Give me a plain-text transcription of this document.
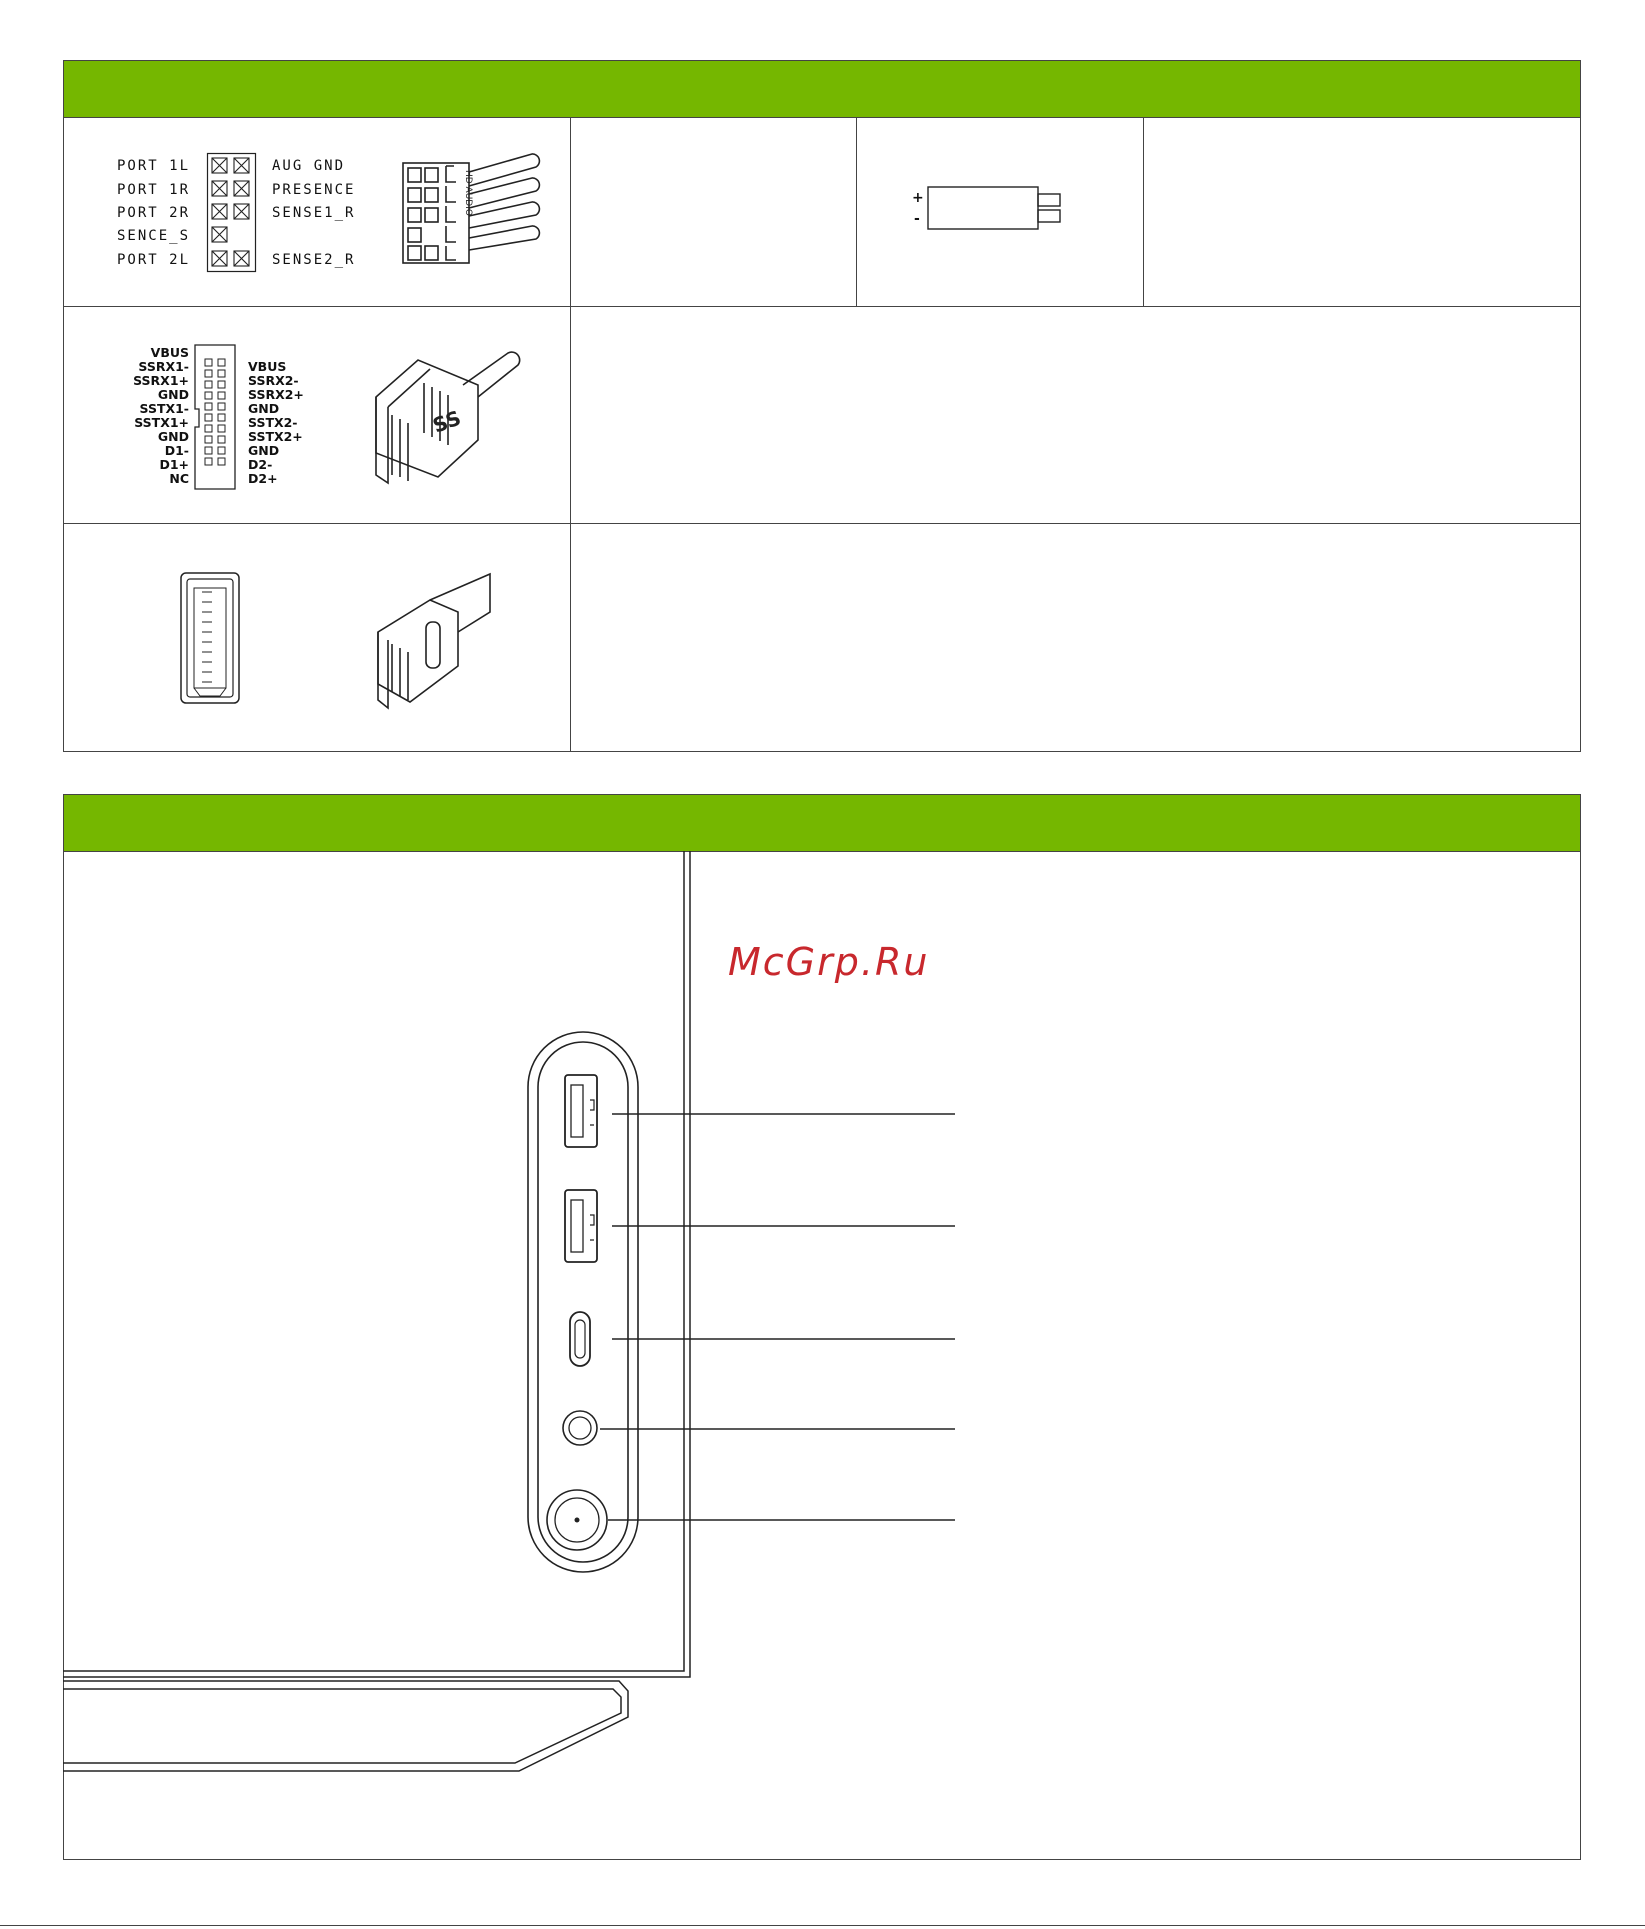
PORT 1L
PORT 1R
PORT 2R
SENCE_S
PORT 2L
AUG GND
PRESENCE
SENSE1_R
SENSE2_R
HD AUDIO	+
-
VBUS
SSRX1-
SSRX1+
GND
SSTX1-
SSTX1+
GND
D1-
D1+
NC
VBUS
SSRX2-
SSRX2+
GND
SSTX2-
SSTX2+
GND
D2-
D2+
SS
McGrp.Ru
